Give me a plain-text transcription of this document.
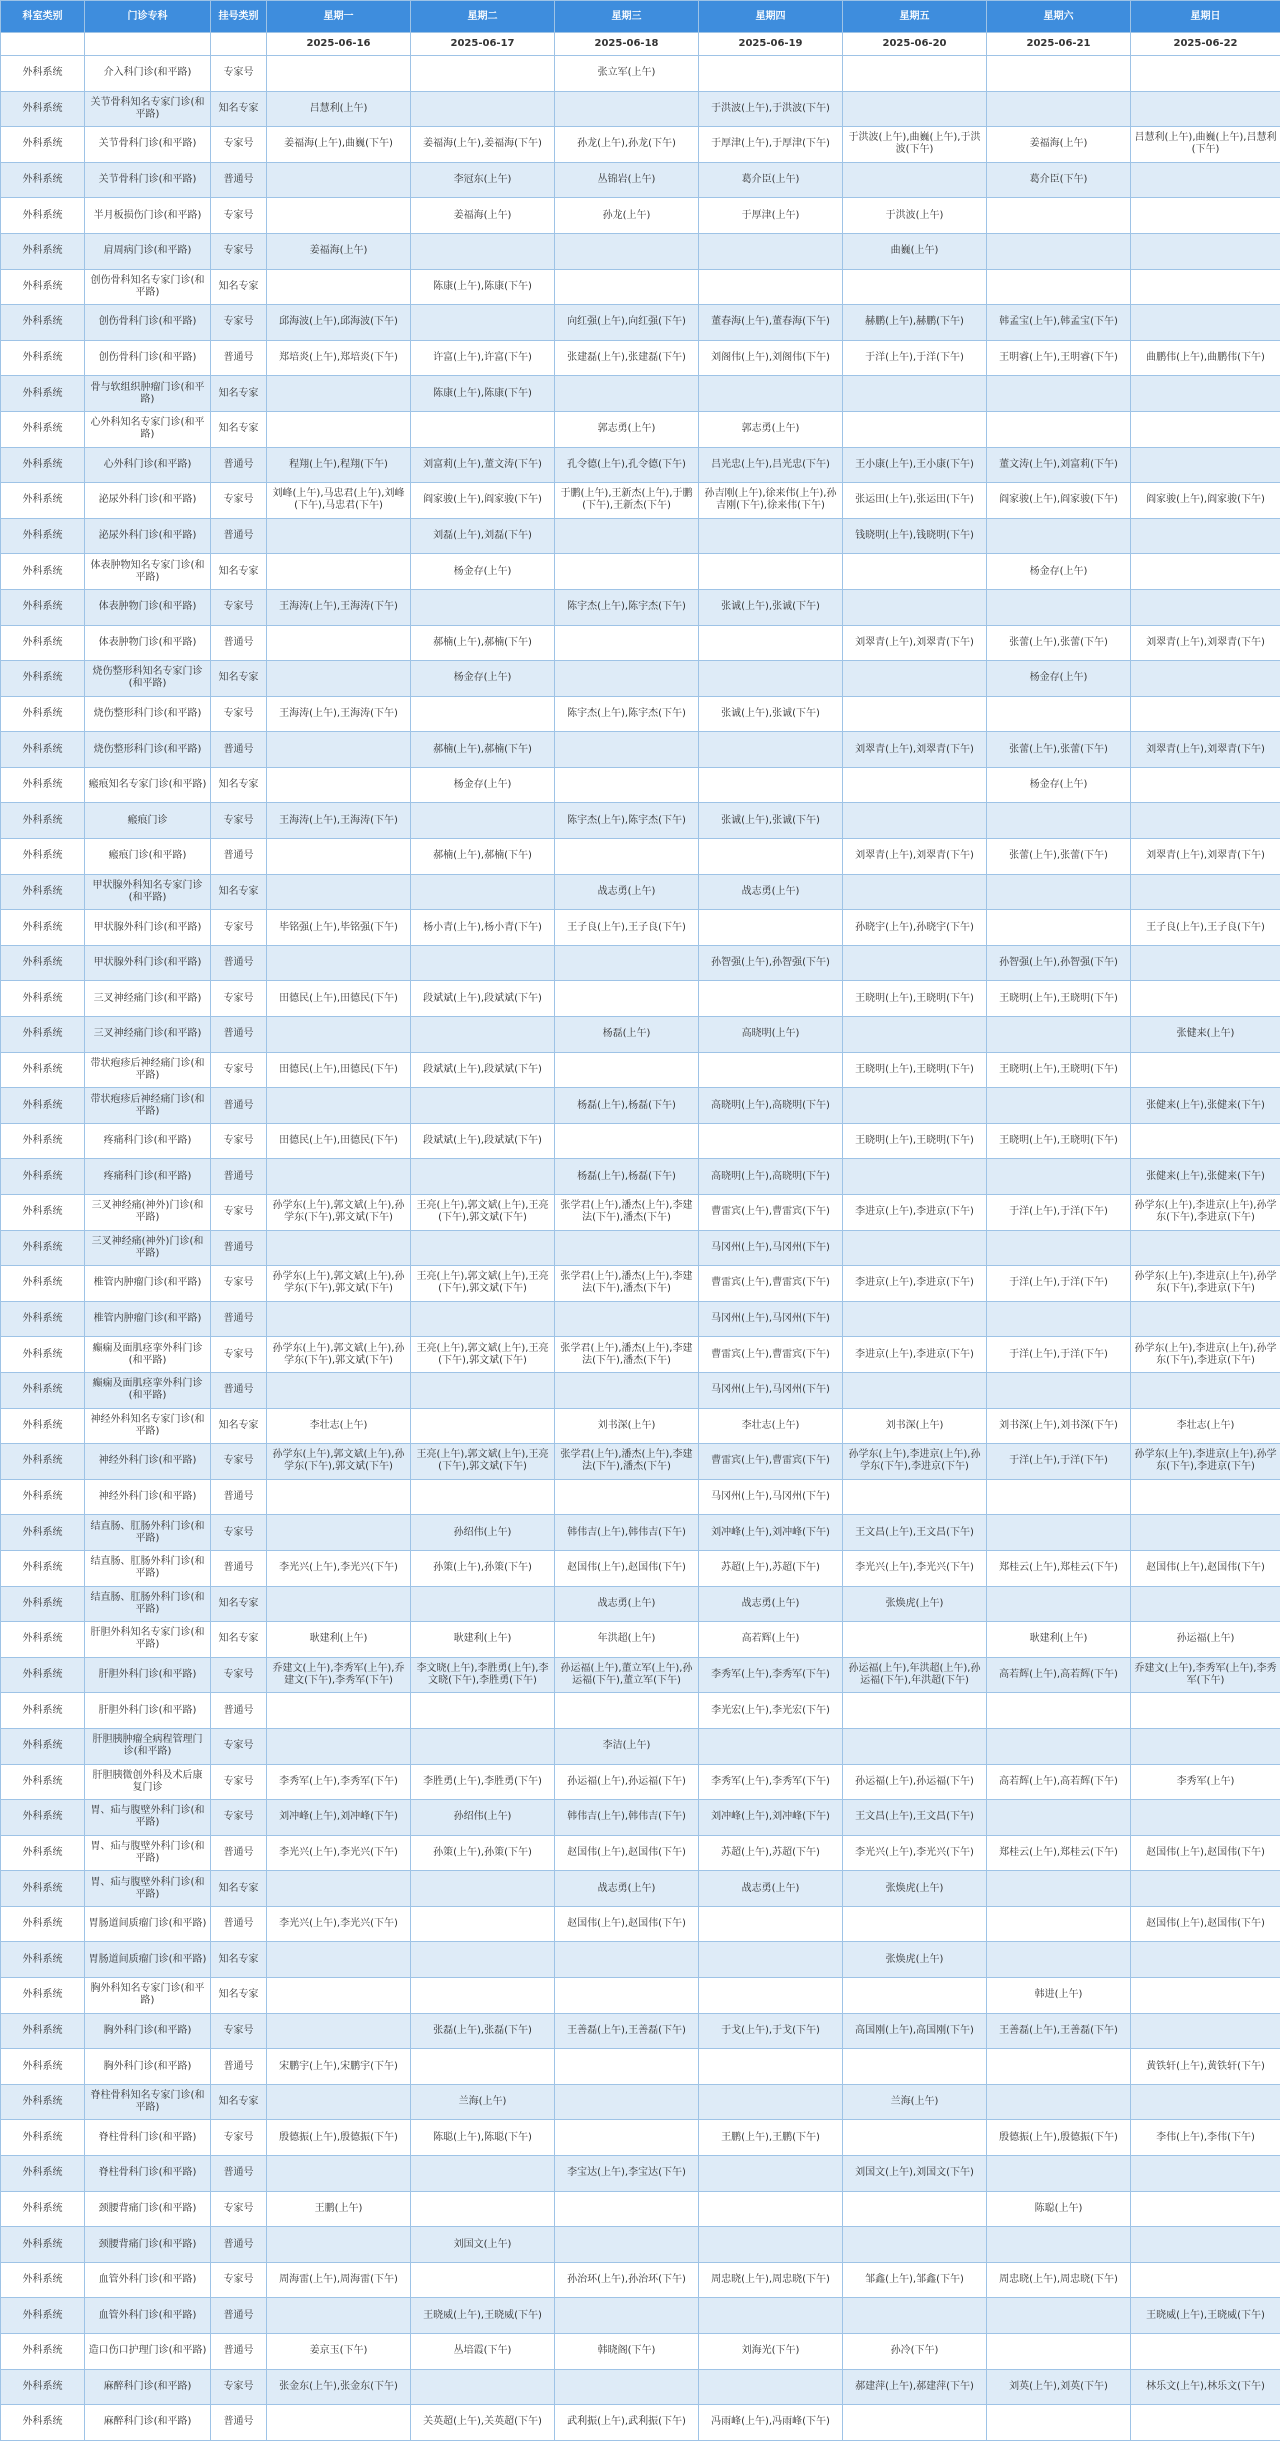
科室类别	门诊专科	挂号类别	星期一	星期二	星期三	星期四	星期五	星期六	星期日
			2025-06-16	2025-06-17	2025-06-18	2025-06-19	2025-06-20	2025-06-21	2025-06-22
外科系统	介入科门诊(和平路)	专家号			张立军(上午)				
外科系统	关节骨科知名专家门诊(和平路)	知名专家	吕慧利(上午)			于洪波(上午),于洪波(下午)			
外科系统	关节骨科门诊(和平路)	专家号	姜福海(上午),曲巍(下午)	姜福海(上午),姜福海(下午)	孙龙(上午),孙龙(下午)	于厚津(上午),于厚津(下午)	于洪波(上午),曲巍(上午),于洪波(下午)	姜福海(上午)	吕慧利(上午),曲巍(上午),吕慧利(下午)
外科系统	关节骨科门诊(和平路)	普通号		李冠东(上午)	丛锦岩(上午)	葛介臣(上午)		葛介臣(下午)	
外科系统	半月板损伤门诊(和平路)	专家号		姜福海(上午)	孙龙(上午)	于厚津(上午)	于洪波(上午)		
外科系统	肩周病门诊(和平路)	专家号	姜福海(上午)				曲巍(上午)		
外科系统	创伤骨科知名专家门诊(和平路)	知名专家		陈康(上午),陈康(下午)					
外科系统	创伤骨科门诊(和平路)	专家号	邱海波(上午),邱海波(下午)		向红强(上午),向红强(下午)	董春海(上午),董春海(下午)	赫鹏(上午),赫鹏(下午)	韩孟宝(上午),韩孟宝(下午)	
外科系统	创伤骨科门诊(和平路)	普通号	郑培炎(上午),郑培炎(下午)	许富(上午),许富(下午)	张建磊(上午),张建磊(下午)	刘阁伟(上午),刘阁伟(下午)	于洋(上午),于洋(下午)	王明睿(上午),王明睿(下午)	曲鹏伟(上午),曲鹏伟(下午)
外科系统	骨与软组织肿瘤门诊(和平路)	知名专家		陈康(上午),陈康(下午)					
外科系统	心外科知名专家门诊(和平路)	知名专家			郭志勇(上午)	郭志勇(上午)			
外科系统	心外科门诊(和平路)	普通号	程翔(上午),程翔(下午)	刘富莉(上午),董文涛(下午)	孔令德(上午),孔令德(下午)	吕光忠(上午),吕光忠(下午)	王小康(上午),王小康(下午)	董文涛(上午),刘富莉(下午)	
外科系统	泌尿外科门诊(和平路)	专家号	刘峰(上午),马忠君(上午),刘峰(下午),马忠君(下午)	阎家骏(上午),阎家骏(下午)	于鹏(上午),王新杰(上午),于鹏(下午),王新杰(下午)	孙吉刚(上午),徐来伟(上午),孙吉刚(下午),徐来伟(下午)	张运田(上午),张运田(下午)	阎家骏(上午),阎家骏(下午)	阎家骏(上午),阎家骏(下午)
外科系统	泌尿外科门诊(和平路)	普通号		刘磊(上午),刘磊(下午)			钱晓明(上午),钱晓明(下午)		
外科系统	体表肿物知名专家门诊(和平路)	知名专家		杨金存(上午)				杨金存(上午)	
外科系统	体表肿物门诊(和平路)	专家号	王海涛(上午),王海涛(下午)		陈宇杰(上午),陈宇杰(下午)	张诚(上午),张诚(下午)			
外科系统	体表肿物门诊(和平路)	普通号		郝楠(上午),郝楠(下午)			刘翠青(上午),刘翠青(下午)	张蕾(上午),张蕾(下午)	刘翠青(上午),刘翠青(下午)
外科系统	烧伤整形科知名专家门诊(和平路)	知名专家		杨金存(上午)				杨金存(上午)	
外科系统	烧伤整形科门诊(和平路)	专家号	王海涛(上午),王海涛(下午)		陈宇杰(上午),陈宇杰(下午)	张诚(上午),张诚(下午)			
外科系统	烧伤整形科门诊(和平路)	普通号		郝楠(上午),郝楠(下午)			刘翠青(上午),刘翠青(下午)	张蕾(上午),张蕾(下午)	刘翠青(上午),刘翠青(下午)
外科系统	瘢痕知名专家门诊(和平路)	知名专家		杨金存(上午)				杨金存(上午)	
外科系统	瘢痕门诊	专家号	王海涛(上午),王海涛(下午)		陈宇杰(上午),陈宇杰(下午)	张诚(上午),张诚(下午)			
外科系统	瘢痕门诊(和平路)	普通号		郝楠(上午),郝楠(下午)			刘翠青(上午),刘翠青(下午)	张蕾(上午),张蕾(下午)	刘翠青(上午),刘翠青(下午)
外科系统	甲状腺外科知名专家门诊(和平路)	知名专家			战志勇(上午)	战志勇(上午)			
外科系统	甲状腺外科门诊(和平路)	专家号	毕铭强(上午),毕铭强(下午)	杨小青(上午),杨小青(下午)	王子良(上午),王子良(下午)		孙晓宇(上午),孙晓宇(下午)		王子良(上午),王子良(下午)
外科系统	甲状腺外科门诊(和平路)	普通号				孙智强(上午),孙智强(下午)		孙智强(上午),孙智强(下午)	
外科系统	三叉神经痛门诊(和平路)	专家号	田德民(上午),田德民(下午)	段斌斌(上午),段斌斌(下午)			王晓明(上午),王晓明(下午)	王晓明(上午),王晓明(下午)	
外科系统	三叉神经痛门诊(和平路)	普通号			杨磊(上午)	高晓明(上午)			张健来(上午)
外科系统	带状疱疹后神经痛门诊(和平路)	专家号	田德民(上午),田德民(下午)	段斌斌(上午),段斌斌(下午)			王晓明(上午),王晓明(下午)	王晓明(上午),王晓明(下午)	
外科系统	带状疱疹后神经痛门诊(和平路)	普通号			杨磊(上午),杨磊(下午)	高晓明(上午),高晓明(下午)			张健来(上午),张健来(下午)
外科系统	疼痛科门诊(和平路)	专家号	田德民(上午),田德民(下午)	段斌斌(上午),段斌斌(下午)			王晓明(上午),王晓明(下午)	王晓明(上午),王晓明(下午)	
外科系统	疼痛科门诊(和平路)	普通号			杨磊(上午),杨磊(下午)	高晓明(上午),高晓明(下午)			张健来(上午),张健来(下午)
外科系统	三叉神经痛(神外)门诊(和平路)	专家号	孙学东(上午),郭文斌(上午),孙学东(下午),郭文斌(下午)	王亮(上午),郭文斌(上午),王亮(下午),郭文斌(下午)	张学君(上午),潘杰(上午),李建法(下午),潘杰(下午)	曹雷宾(上午),曹雷宾(下午)	李进京(上午),李进京(下午)	于洋(上午),于洋(下午)	孙学东(上午),李进京(上午),孙学东(下午),李进京(下午)
外科系统	三叉神经痛(神外)门诊(和平路)	普通号				马冈州(上午),马冈州(下午)			
外科系统	椎管内肿瘤门诊(和平路)	专家号	孙学东(上午),郭文斌(上午),孙学东(下午),郭文斌(下午)	王亮(上午),郭文斌(上午),王亮(下午),郭文斌(下午)	张学君(上午),潘杰(上午),李建法(下午),潘杰(下午)	曹雷宾(上午),曹雷宾(下午)	李进京(上午),李进京(下午)	于洋(上午),于洋(下午)	孙学东(上午),李进京(上午),孙学东(下午),李进京(下午)
外科系统	椎管内肿瘤门诊(和平路)	普通号				马冈州(上午),马冈州(下午)			
外科系统	癫痫及面肌痉挛外科门诊(和平路)	专家号	孙学东(上午),郭文斌(上午),孙学东(下午),郭文斌(下午)	王亮(上午),郭文斌(上午),王亮(下午),郭文斌(下午)	张学君(上午),潘杰(上午),李建法(下午),潘杰(下午)	曹雷宾(上午),曹雷宾(下午)	李进京(上午),李进京(下午)	于洋(上午),于洋(下午)	孙学东(上午),李进京(上午),孙学东(下午),李进京(下午)
外科系统	癫痫及面肌痉挛外科门诊(和平路)	普通号				马冈州(上午),马冈州(下午)			
外科系统	神经外科知名专家门诊(和平路)	知名专家	李壮志(上午)		刘书深(上午)	李壮志(上午)	刘书深(上午)	刘书深(上午),刘书深(下午)	李壮志(上午)
外科系统	神经外科门诊(和平路)	专家号	孙学东(上午),郭文斌(上午),孙学东(下午),郭文斌(下午)	王亮(上午),郭文斌(上午),王亮(下午),郭文斌(下午)	张学君(上午),潘杰(上午),李建法(下午),潘杰(下午)	曹雷宾(上午),曹雷宾(下午)	孙学东(上午),李进京(上午),孙学东(下午),李进京(下午)	于洋(上午),于洋(下午)	孙学东(上午),李进京(上午),孙学东(下午),李进京(下午)
外科系统	神经外科门诊(和平路)	普通号				马冈州(上午),马冈州(下午)			
外科系统	结直肠、肛肠外科门诊(和平路)	专家号		孙绍伟(上午)	韩伟吉(上午),韩伟吉(下午)	刘冲峰(上午),刘冲峰(下午)	王文昌(上午),王文昌(下午)		
外科系统	结直肠、肛肠外科门诊(和平路)	普通号	李光兴(上午),李光兴(下午)	孙策(上午),孙策(下午)	赵国伟(上午),赵国伟(下午)	苏超(上午),苏超(下午)	李光兴(上午),李光兴(下午)	郑桂云(上午),郑桂云(下午)	赵国伟(上午),赵国伟(下午)
外科系统	结直肠、肛肠外科门诊(和平路)	知名专家			战志勇(上午)	战志勇(上午)	张焕虎(上午)		
外科系统	肝胆外科知名专家门诊(和平路)	知名专家	耿建利(上午)	耿建利(上午)	年洪超(上午)	高若辉(上午)		耿建利(上午)	孙运福(上午)
外科系统	肝胆外科门诊(和平路)	专家号	乔建文(上午),李秀军(上午),乔建文(下午),李秀军(下午)	李文晓(上午),李胜勇(上午),李文晓(下午),李胜勇(下午)	孙运福(上午),董立军(上午),孙运福(下午),董立军(下午)	李秀军(上午),李秀军(下午)	孙运福(上午),年洪超(上午),孙运福(下午),年洪超(下午)	高若辉(上午),高若辉(下午)	乔建文(上午),李秀军(上午),李秀军(下午)
外科系统	肝胆外科门诊(和平路)	普通号				李光宏(上午),李光宏(下午)			
外科系统	肝胆胰肿瘤全病程管理门诊(和平路)	专家号			李洁(上午)				
外科系统	肝胆胰微创外科及术后康复门诊	专家号	李秀军(上午),李秀军(下午)	李胜勇(上午),李胜勇(下午)	孙运福(上午),孙运福(下午)	李秀军(上午),李秀军(下午)	孙运福(上午),孙运福(下午)	高若辉(上午),高若辉(下午)	李秀军(上午)
外科系统	胃、疝与腹壁外科门诊(和平路)	专家号	刘冲峰(上午),刘冲峰(下午)	孙绍伟(上午)	韩伟吉(上午),韩伟吉(下午)	刘冲峰(上午),刘冲峰(下午)	王文昌(上午),王文昌(下午)		
外科系统	胃、疝与腹壁外科门诊(和平路)	普通号	李光兴(上午),李光兴(下午)	孙策(上午),孙策(下午)	赵国伟(上午),赵国伟(下午)	苏超(上午),苏超(下午)	李光兴(上午),李光兴(下午)	郑桂云(上午),郑桂云(下午)	赵国伟(上午),赵国伟(下午)
外科系统	胃、疝与腹壁外科门诊(和平路)	知名专家			战志勇(上午)	战志勇(上午)	张焕虎(上午)		
外科系统	胃肠道间质瘤门诊(和平路)	普通号	李光兴(上午),李光兴(下午)		赵国伟(上午),赵国伟(下午)				赵国伟(上午),赵国伟(下午)
外科系统	胃肠道间质瘤门诊(和平路)	知名专家					张焕虎(上午)		
外科系统	胸外科知名专家门诊(和平路)	知名专家						韩进(上午)	
外科系统	胸外科门诊(和平路)	专家号		张磊(上午),张磊(下午)	王善磊(上午),王善磊(下午)	于戈(上午),于戈(下午)	高国刚(上午),高国刚(下午)	王善磊(上午),王善磊(下午)	
外科系统	胸外科门诊(和平路)	普通号	宋鹏宇(上午),宋鹏宇(下午)						黄铁轩(上午),黄铁轩(下午)
外科系统	脊柱骨科知名专家门诊(和平路)	知名专家		兰海(上午)			兰海(上午)		
外科系统	脊柱骨科门诊(和平路)	专家号	殷德振(上午),殷德振(下午)	陈聪(上午),陈聪(下午)		王鹏(上午),王鹏(下午)		殷德振(上午),殷德振(下午)	李伟(上午),李伟(下午)
外科系统	脊柱骨科门诊(和平路)	普通号			李宝达(上午),李宝达(下午)		刘国文(上午),刘国文(下午)		
外科系统	颈腰背痛门诊(和平路)	专家号	王鹏(上午)					陈聪(上午)	
外科系统	颈腰背痛门诊(和平路)	普通号		刘国文(上午)					
外科系统	血管外科门诊(和平路)	专家号	周海雷(上午),周海雷(下午)		孙治环(上午),孙治环(下午)	周忠晓(上午),周忠晓(下午)	邹鑫(上午),邹鑫(下午)	周忠晓(上午),周忠晓(下午)	
外科系统	血管外科门诊(和平路)	普通号		王晓威(上午),王晓威(下午)					王晓威(上午),王晓威(下午)
外科系统	造口伤口护理门诊(和平路)	普通号	姜京玉(下午)	丛培霞(下午)	韩晓阁(下午)	刘海光(下午)	孙冷(下午)		
外科系统	麻醉科门诊(和平路)	专家号	张金东(上午),张金东(下午)				郝建萍(上午),郝建萍(下午)	刘英(上午),刘英(下午)	林乐文(上午),林乐文(下午)
外科系统	麻醉科门诊(和平路)	普通号		关英超(上午),关英超(下午)	武利振(上午),武利振(下午)	冯雨峰(上午),冯雨峰(下午)			
